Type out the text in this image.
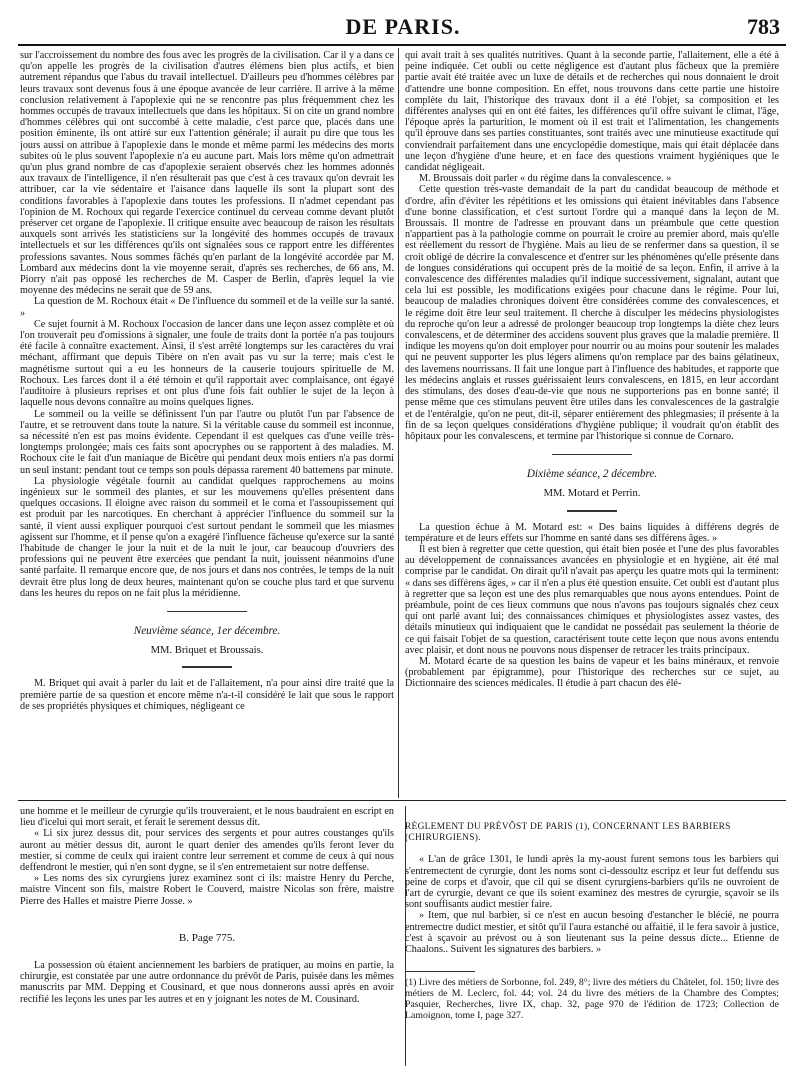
DE PARIS.	783

sur l'accroissement du nombre des fous avec les progrès de la civilisation. Car il y a dans ce qu'on appelle les progrès de la civilisation d'autres élémens bien plus actifs, et bien autrement répandus que l'abus du travail intellectuel. D'ailleurs peu d'hommes célèbres par leurs travaux sont devenus fous à une époque avancée de leur carrière. Il arrive à la même conclusion relativement à l'apoplexie qui ne se rencontre pas plus fréquemment chez les hommes occupés de travaux intellectuels que dans les hôpitaux. Si on cite un grand nombre d'hommes célèbres qui ont succombé à cette maladie, c'est parce que, placés dans une position éminente, ils ont attiré sur eux l'attention générale; il aurait pu dire que tous les jours aussi on attribue à l'apoplexie dans le monde et même parmi les médecins des morts subites où le plus souvent l'apoplexie n'a eu aucune part. Mais lors même qu'on admettrait qu'un plus grand nombre de cas d'apoplexie seraient observés chez les hommes adonnés aux travaux de l'intelligence, il n'en résulterait pas que c'est à ces travaux qu'on devrait les attribuer, car la vie sédentaire et l'aisance dans laquelle ils sont la plupart sont des conditions favorables à l'apoplexie dans toutes les professions. Il n'admet cependant pas l'opinion de M. Rochoux qui regarde l'exercice continuel du cerveau comme devant plutôt préserver cet organe de l'apoplexie. Il critique ensuite avec beaucoup de raison les résultats auxquels sont arrivés les statisticiens sur la longévité des hommes occupés de travaux intellectuels et sur les différences qu'ils ont signalées sous ce rapport entre les différentes professions savantes. Nous sommes fâchés qu'en parlant de la longévité accordée par M. Lombard aux médecins dont la vie moyenne serait, d'après ses recherches, de 66 ans, M. Piorry n'ait pas opposé les recherches de M. Casper de Berlin, d'après lequel la vie moyenne des médecins ne serait que de 59 ans.

La question de M. Rochoux était « De l'influence du sommeil et de la veille sur la santé. »

Ce sujet fournit à M. Rochoux l'occasion de lancer dans une leçon assez complète et où l'on trouverait peu d'omissions à signaler, une foule de traits dont la portée n'a pas toujours été facile à connaître exactement. Ainsi, il s'est arrêté longtemps sur les caractères du vrai méchant, affirmant que depuis Tibère on n'en avait pas vu sur la terre; mais c'est le magnétisme surtout qui a eu les honneurs de la causerie toujours spirituelle de M. Rochoux. Les farces dont il a été témoin et qu'il rapportait avec complaisance, ont égayé l'auditoire à plusieurs reprises et ont plus d'une fois fait oublier le sujet de la leçon à laquelle nous devons connaître au moins quelques lignes.

Le sommeil ou la veille se définissent l'un par l'autre ou plutôt l'un par l'absence de l'autre, et se retrouvent dans toute la nature. Si la véritable cause du sommeil est inconnue, sa nécessité n'en est pas moins évidente. Cependant il est quelques cas d'une veille très-longtemps prolongée; mais ces faits sont apocryphes ou se rapportent à des maladies. M. Rochoux cite le fait d'un maniaque de Bicêtre qui pendant deux mois entiers n'a pas dormi un seul instant: pendant tout ce temps son pouls dépassa rarement 40 battemens par minute.

La physiologie végétale fournit au candidat quelques rapprochemens au moins ingénieux sur le sommeil des plantes, et sur les mouvemens qu'elles présentent dans quelques occasions. Il éloigne avec raison du sommeil et le coma et l'assoupissement qui est produit par les narcotiques. En cherchant à apprécier l'influence du sommeil sur la santé, il vient aussi expliquer pourquoi c'est surtout pendant le sommeil que les miasmes agissent sur l'homme, et il pense qu'on a exagéré l'influence fâcheuse qu'exerce sur la santé l'habitude de changer le jour la nuit et de la nuit le jour, car beaucoup d'ouvriers des professions qui ne peuvent être exercées que pendant la nuit, jouissent néanmoins d'une santé parfaite. Il remarque encore que, de nos jours et dans nos contrées, le temps de la nuit devrait être plus long de deux heures, maintenant qu'on se couche plus tard et que survenu dans les heures du repos on ne fait plus la méridienne.

Neuvième séance, 1er décembre.
MM. Briquet et Broussais.

M. Briquet qui avait à parler du lait et de l'allaitement, n'a pour ainsi dire traité que la première partie de sa question et encore même n'a-t-il considéré le lait que sous le rapport de ses propriétés physiques et chimiques, négligeant ce

qui avait trait à ses qualités nutritives. Quant à la seconde partie, l'allaitement, elle a été à peine indiquée. Cet oubli ou cette négligence est d'autant plus fâcheux que la première partie avait été traitée avec un luxe de détails et de recherches qui nous donnaient le droit d'attendre une bonne composition. En effet, nous trouvons dans cette partie une histoire complète du lait, l'historique des travaux dont il a été l'objet, sa composition et les différentes analyses qui en ont été faites, les différences qu'il offre suivant le climat, l'âge, l'époque après la parturition, le moment où il est trait et l'alimentation, les changements qu'il éprouve dans ses parties constituantes, sont traités avec une minutieuse exactitude qui conviendrait parfaitement dans une encyclopédie domestique, mais qui était déplacée dans une leçon d'hygiène d'une heure, et en face des questions vraiment hygiéniques que le candidat négligeait.

M. Broussais doit parler « du régime dans la convalescence. »

Cette question très-vaste demandait de la part du candidat beaucoup de méthode et d'ordre, afin d'éviter les répétitions et les omissions qui étaient inévitables dans l'absence d'une bonne classification, et c'est surtout l'ordre qui a manqué dans la leçon de M. Broussais. Il montre de l'adresse en prouvant dans un préambule que cette question n'appartient pas à la pathologie comme on pourrait le croire au premier abord, mais qu'elle est réellement du ressort de l'hygiène. Mais au lieu de se renfermer dans sa question, il se croit obligé de décrire la convalescence et d'entrer sur les phénomènes qu'elle présente dans de longues considérations qui occupent près de la moitié de sa leçon. Enfin, il arrive à la convalescence des différentes maladies qu'il indique successivement, signalant, autant que cela lui est possible, les modifications exigées pour chacune dans le régime. Pour lui, beaucoup de maladies chroniques doivent être considérées comme des convalescences, et le régime doit être leur seul traitement. Il cherche à disculper les médecins physiologistes du reproche qu'on leur a adressé de prolonger beaucoup trop longtemps la diète chez leurs convalescens, et de déterminer des accidens souvent plus graves que la maladie première. Il indique les moyens qu'on doit employer pour nourrir ou au moins pour soutenir les malades qui ne peuvent supporter les plus légers alimens qu'on remplace par des bains gélatineux, des lavemens nourrissans. Il fait une longue part à l'influence des habitudes, et rapporte que les médecins anglais et russes guérissaient leurs convalescens, en 1815, en leur accordant des stimulans, des doses d'eau-de-vie que nous ne supporterions pas en bonne santé; il pense même que ces stimulans peuvent être utiles dans les convalescences de la gastralgie et de l'entéralgie, qu'on ne peut, dit-il, séparer entièrement des phlegmasies; il présente à la fin de sa leçon quelques considérations d'hygiène publique; il voudrait qu'on établît des hôpitaux pour les convalescens, et termine par l'historique si connue de Cornaro.

Dixième séance, 2 décembre.
MM. Motard et Perrin.

La question échue à M. Motard est: « Des bains liquides à différens degrés de température et de leurs effets sur l'homme en santé dans ses différens âges. »

Il est bien à regretter que cette question, qui était bien posée et l'une des plus favorables au développement de connaissances avancées en physiologie et en hygiène, ait été mal comprise par le candidat. On dirait qu'il n'avait pas aperçu les quatre mots qui la terminent: « dans ses différens âges, » car il n'en a plus été question ensuite. Cet oubli est d'autant plus à regretter que sa leçon est une des plus remarquables que nous ayons entendues. Point de préambule, point de ces lieux communs que nous n'avons pas toujours signalés chez ceux qui ont parlé avant lui; des connaissances chimiques et physiologistes assez vastes, des détails minutieux qui indiquaient que le candidat ne possédait pas seulement la théorie de ce qui faisait l'objet de sa question, caractérisent toute cette leçon que nous avons entendu avec plaisir, et dont nous ne pouvons nous dispenser de retracer les traits principaux.

M. Motard écarte de sa question les bains de vapeur et les bains minéraux, et renvoie (probablement par épigramme), pour l'historique des recherches sur ce sujet, au Dictionnaire des sciences médicales. Il étudie à part chacun des élé-

une homme et le meilleur de cyrurgie qu'ils trouveraient, et le nous baudraient en escript en lieu d'iceluì qui mort serait, et ferait le serement dessus dit.

« Li six jurez dessus dit, pour services des sergents et pour autres coustanges qu'ils auront au métier dessus dit, auront le quart denier des amendes qu'ils feront lever du mestier, si comme de ceulx qui iraient contre leur serrement et comme de ceux à qui nous deffendront le mestier, qui n'en sont dygne, se il s'en entremetaient sur notre deffense.

» Les noms des six cyrurgiens jurez examinez sont ci ils: maistre Henry du Perche, maistre Vincent son fils, maistre Robert le Couverd, maistre Nicolas son frère, maistre Pierre des Halles et maistre Pierre Josse. »

B. Page 775.

La possession où étaient anciennement les barbiers de pratiquer, au moins en partie, la chirurgie, est constatée par une autre ordonnance du prévôt de Paris, puisée dans les mêmes manuscrits par MM. Depping et Cousinard, et que nous donnerons aussi après en avoir rectifié les leçons les unes par les autres et en y joignant les notes de M. Cousinard.

RÈGLEMENT DU PRÉVÔST DE PARIS (1), CONCERNANT LES BARBIERS (CHIRURGIENS).

« L'an de grâce 1301, le lundi après la my-aoust furent semons tous les barbiers qui s'entremectent de cyrurgie, dont les noms sont ci-dessoultz escripz et leur fut deffendu sus peine de corps et d'avoir, que cil qui se disent cyrurgiens-barbiers qu'ils ne ouvroient de l'art de cyrurgie, devant ce que ils soient examinez des mestres de cyrurgie, sçavoir se ils sont souffisants audict mestier faire.

» Item, que nul barbier, si ce n'est en aucun besoing d'estancher le blécié, ne pourra entremectre dudict mestier, et sitôt qu'il l'aura estanché ou affaitié, il le fera savoir à justice, c'est à sçavoir au prévost ou à son lieutenant sus la peine dessus dicte... Etienne de Chaalons.. Suivent les signatures des barbiers. »

(1) Livre des métiers de Sorbonne, fol. 249, 8°; livre des métiers du Châtelet, fol. 150; livre des métiers de M. Leclerc, fol. 44; vol. 24 du livre des métiers de la Chambre des Comptes; Pasquier, Recherches, livre IX, chap. 32, page 970 de l'édition de 1723; Collection de Lamoignon, tome I, page 327.
